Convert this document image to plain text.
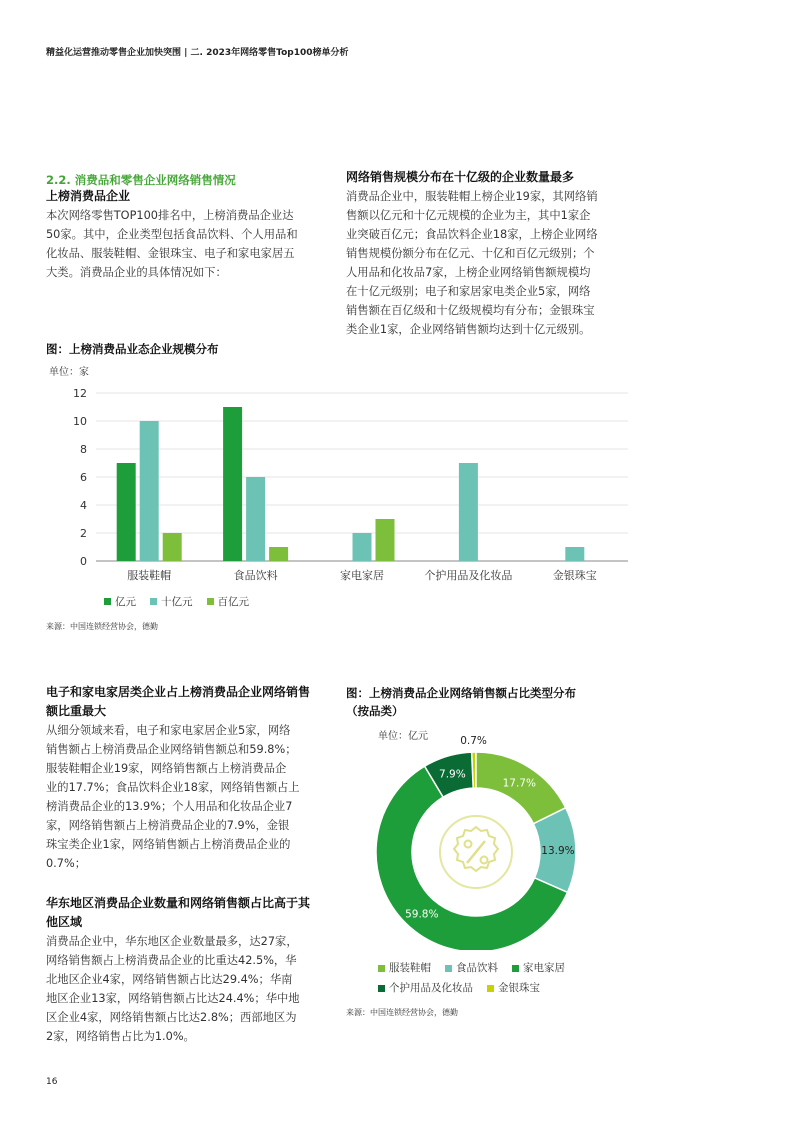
精益化运营推动零售企业加快突围 | 二. 2023年网络零售Top100榜单分析
2.2. 消费品和零售企业网络销售情况
上榜消费品企业
本次网络零售TOP100排名中，上榜消费品企业达
50家。其中，企业类型包括食品饮料、个人用品和
化妆品、服装鞋帽、金银珠宝、电子和家电家居五
大类。消费品企业的具体情况如下：
网络销售规模分布在十亿级的企业数量最多
消费品企业中，服装鞋帽上榜企业19家，其网络销
售额以亿元和十亿元规模的企业为主，其中1家企
业突破百亿元；食品饮料企业18家，上榜企业网络
销售规模份额分布在亿元、十亿和百亿元级别；个
人用品和化妆品7家，上榜企业网络销售额规模均
在十亿元级别；电子和家居家电类企业5家，网络
销售额在百亿级和十亿级规模均有分布；金银珠宝
类企业1家，企业网络销售额均达到十亿元级别。
图：上榜消费品业态企业规模分布
单位：家
0
2
4
6
8
10
12
服装鞋帽	食品饮料	家电家居	个护用品及化妆品	金银珠宝
亿元 十亿元 百亿元
来源：中国连锁经营协会，德勤
电子和家电家居类企业占上榜消费品企业网络销售
额比重最大
从细分领域来看，电子和家电家居企业5家，网络
销售额占上榜消费品企业网络销售额总和59.8%；
服装鞋帽企业19家，网络销售额占上榜消费品企
业的17.7%；食品饮料企业18家，网络销售额占上
榜消费品企业的13.9%；个人用品和化妆品企业7
家，网络销售额占上榜消费品企业的7.9%，金银
珠宝类企业1家，网络销售额占上榜消费品企业的
0.7%；
华东地区消费品企业数量和网络销售额占比高于其
他区域
消费品企业中，华东地区企业数量最多，达27家，
网络销售额占上榜消费品企业的比重达42.5%，华
北地区企业4家，网络销售额占比达29.4%；华南
地区企业13家，网络销售额占比达24.4%；华中地
区企业4家，网络销售额占比达2.8%；西部地区为
2家，网络销售占比为1.0%。
图：上榜消费品企业网络销售额占比类型分布
（按品类）
单位：亿元
17.7%
13.9%
59.8%
7.9%
0.7%
服装鞋帽 食品饮料 家电家居
个护用品及化妆品 金银珠宝
来源：中国连锁经营协会，德勤
16
